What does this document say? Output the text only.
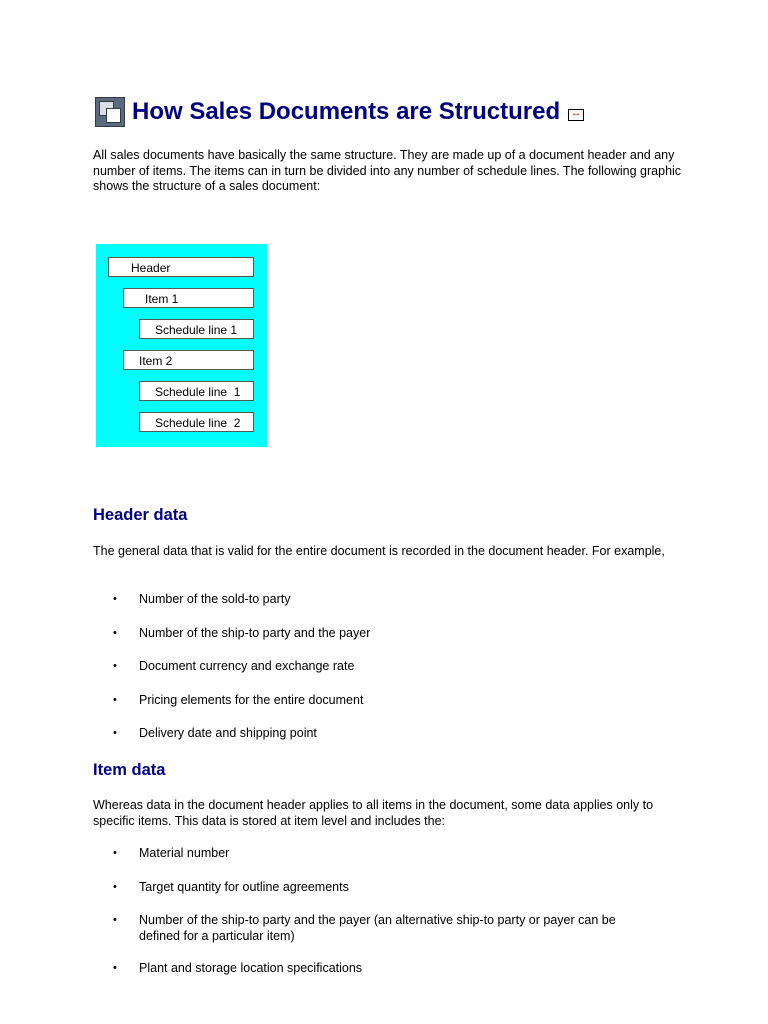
How Sales Documents are Structured ↔

All sales documents have basically the same structure. They are made up of a document header and any number of items. The items can in turn be divided into any number of schedule lines. The following graphic shows the structure of a sales document:

Header
Item 1
Schedule line 1
Item 2
Schedule line  1
Schedule line  2
Header data

The general data that is valid for the entire document is recorded in the document header. For example,

• Number of the sold-to party
• Number of the ship-to party and the payer
• Document currency and exchange rate
• Pricing elements for the entire document
• Delivery date and shipping point
Item data

Whereas data in the document header applies to all items in the document, some data applies only to specific items. This data is stored at item level and includes the:

• Material number
• Target quantity for outline agreements
• Number of the ship-to party and the payer (an alternative ship-to party or payer can be defined for a particular item)
• Plant and storage location specifications
